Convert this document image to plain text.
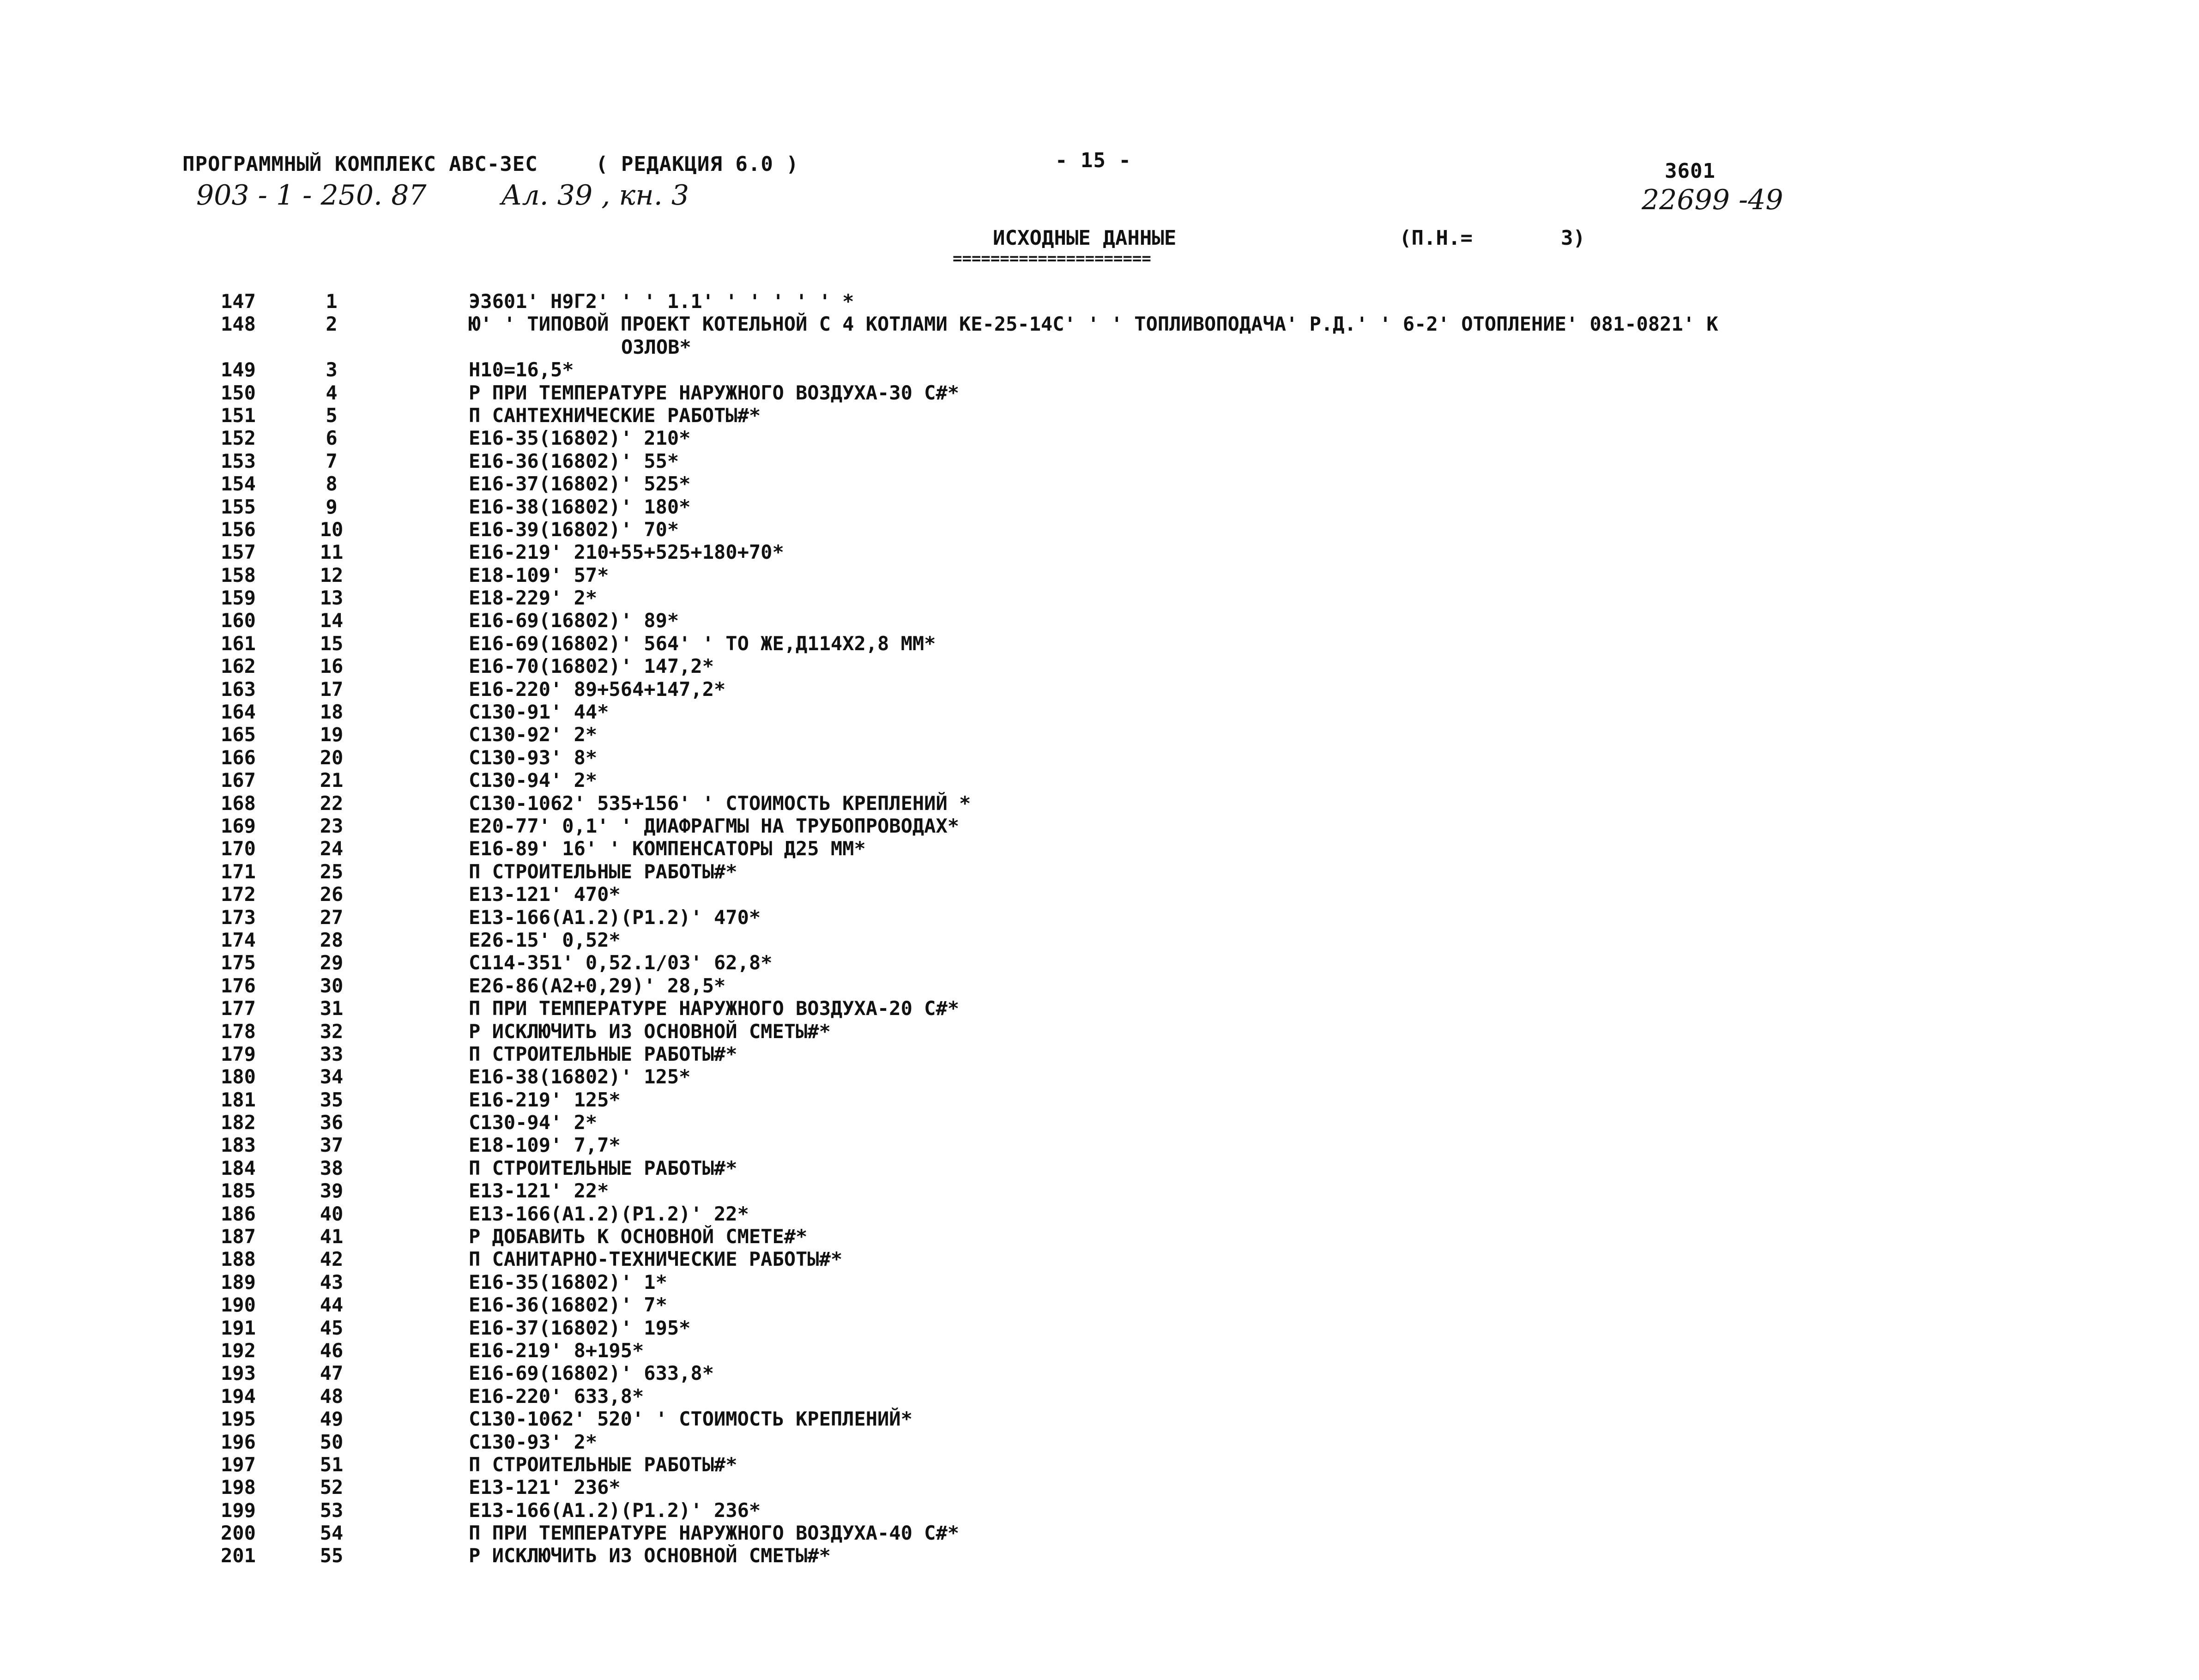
ПРОГРАММНЫЙ КОМПЛЕКС АВС-3ЕС	( РЕДАКЦИЯ 6.0 )	- 15 -	3601
903 - 1 - 250. 87	Ал. 39 , кн. 3	22699 -49
ИСХОДНЫЕ ДАННЫЕ
=====================
(П.Н.=	3)
147	1	Э3601' Н9Г2' ' ' 1.1' ' ' ' ' ' *
148	2	Ю' ' ТИПОВОЙ ПРОЕКТ КОТЕЛЬНОЙ С 4 КОТЛАМИ КЕ-25-14С' ' ' ТОПЛИВОПОДАЧА' Р.Д.' ' 6-2' ОТОПЛЕНИЕ' 081-0821' К
ОЗЛОВ*
149	3	Н10=16,5*
150	4	Р ПРИ ТЕМПЕРАТУРЕ НАРУЖНОГО ВОЗДУХА-30 С#*
151	5	П САНТЕХНИЧЕСКИЕ РАБОТЫ#*
152	6	Е16-35(16802)' 210*
153	7	Е16-36(16802)' 55*
154	8	Е16-37(16802)' 525*
155	9	Е16-38(16802)' 180*
156	10	Е16-39(16802)' 70*
157	11	Е16-219' 210+55+525+180+70*
158	12	Е18-109' 57*
159	13	Е18-229' 2*
160	14	Е16-69(16802)' 89*
161	15	Е16-69(16802)' 564' ' ТО ЖЕ,Д114Х2,8 ММ*
162	16	Е16-70(16802)' 147,2*
163	17	Е16-220' 89+564+147,2*
164	18	С130-91' 44*
165	19	С130-92' 2*
166	20	С130-93' 8*
167	21	С130-94' 2*
168	22	С130-1062' 535+156' ' СТОИМОСТЬ КРЕПЛЕНИЙ *
169	23	Е20-77' 0,1' ' ДИАФРАГМЫ НА ТРУБОПРОВОДАХ*
170	24	Е16-89' 16' ' КОМПЕНСАТОРЫ Д25 ММ*
171	25	П СТРОИТЕЛЬНЫЕ РАБОТЫ#*
172	26	Е13-121' 470*
173	27	Е13-166(А1.2)(Р1.2)' 470*
174	28	Е26-15' 0,52*
175	29	С114-351' 0,52.1/03' 62,8*
176	30	Е26-86(А2+0,29)' 28,5*
177	31	П ПРИ ТЕМПЕРАТУРЕ НАРУЖНОГО ВОЗДУХА-20 С#*
178	32	Р ИСКЛЮЧИТЬ ИЗ ОСНОВНОЙ СМЕТЫ#*
179	33	П СТРОИТЕЛЬНЫЕ РАБОТЫ#*
180	34	Е16-38(16802)' 125*
181	35	Е16-219' 125*
182	36	С130-94' 2*
183	37	Е18-109' 7,7*
184	38	П СТРОИТЕЛЬНЫЕ РАБОТЫ#*
185	39	Е13-121' 22*
186	40	Е13-166(А1.2)(Р1.2)' 22*
187	41	Р ДОБАВИТЬ К ОСНОВНОЙ СМЕТЕ#*
188	42	П САНИТАРНО-ТЕХНИЧЕСКИЕ РАБОТЫ#*
189	43	Е16-35(16802)' 1*
190	44	Е16-36(16802)' 7*
191	45	Е16-37(16802)' 195*
192	46	Е16-219' 8+195*
193	47	Е16-69(16802)' 633,8*
194	48	Е16-220' 633,8*
195	49	С130-1062' 520' ' СТОИМОСТЬ КРЕПЛЕНИЙ*
196	50	С130-93' 2*
197	51	П СТРОИТЕЛЬНЫЕ РАБОТЫ#*
198	52	Е13-121' 236*
199	53	Е13-166(А1.2)(Р1.2)' 236*
200	54	П ПРИ ТЕМПЕРАТУРЕ НАРУЖНОГО ВОЗДУХА-40 С#*
201	55	Р ИСКЛЮЧИТЬ ИЗ ОСНОВНОЙ СМЕТЫ#*
